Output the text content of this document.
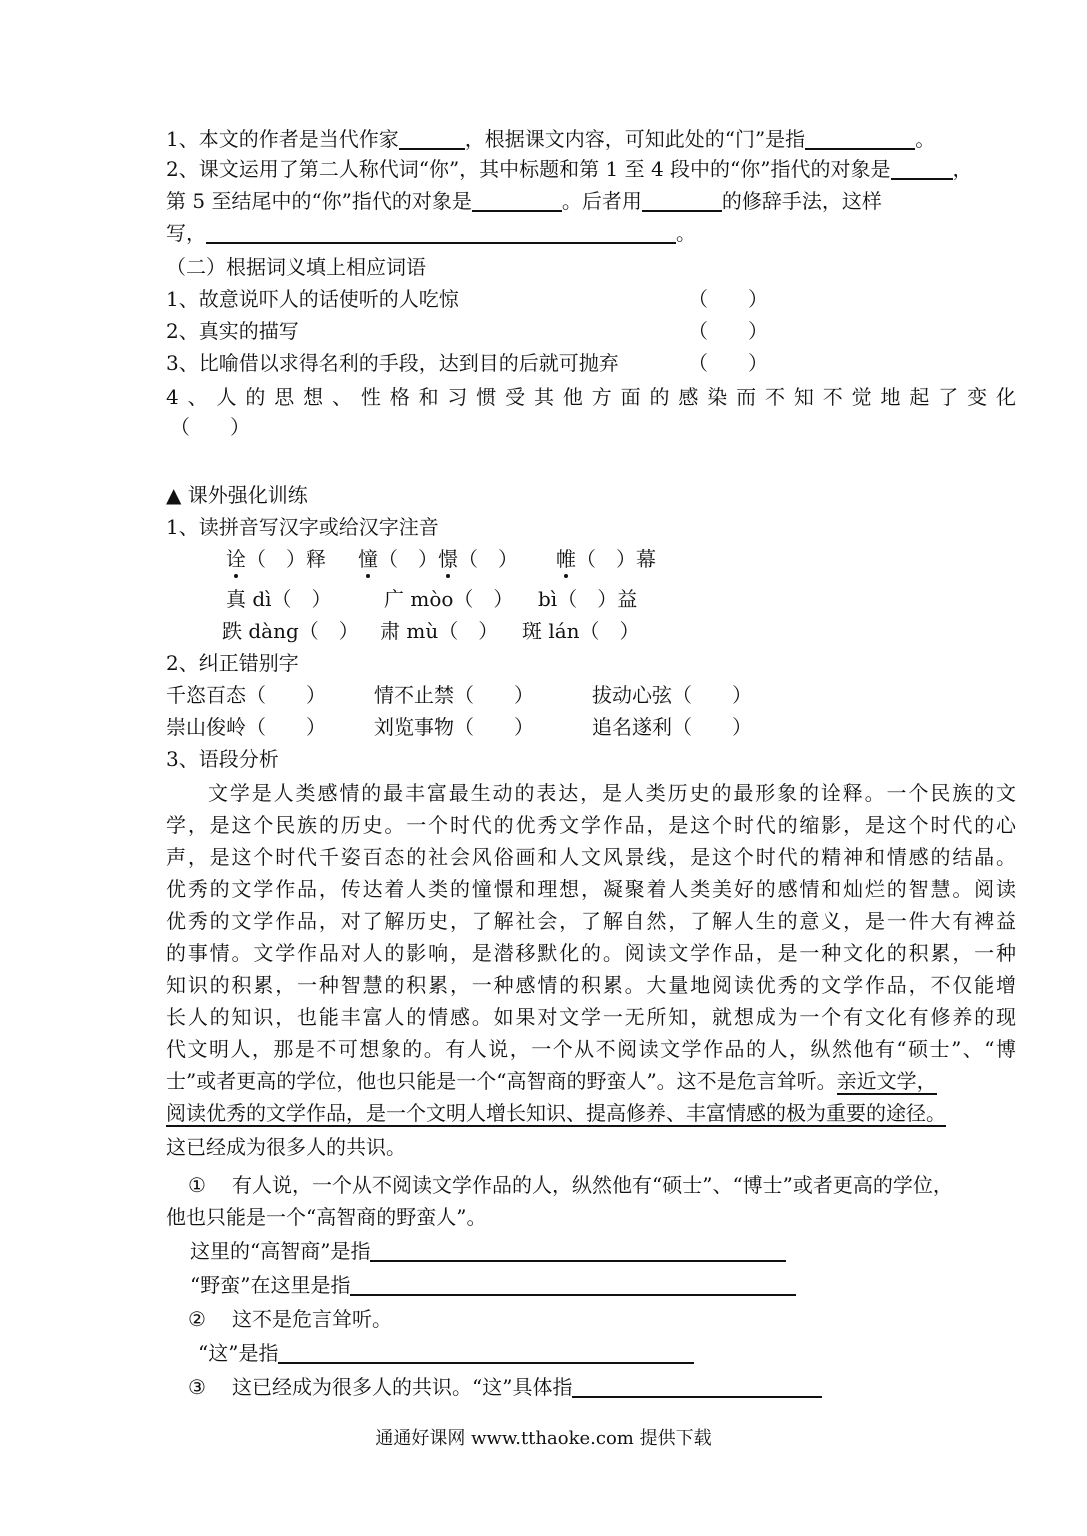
1、本文的作者是当代作家	，根据课文内容，可知此处的“门”是指	。
2、课文运用了第二人称代词“你”，其中标题和第 1 至 4 段中的“你”指代的对象是	，
第 5 至结尾中的“你”指代的对象是	。后者用	的修辞手法，这样
写，	。
（二）根据词义填上相应词语
1、故意说吓人的话使听的人吃惊	（　　）
2、真实的描写	（　　）
3、比喻借以求得名利的手段，达到目的后就可抛弃	（　　）
4、人的思想、性格和习惯受其他方面的感染而不知不觉地起了变化
（　　）
▲ 课外强化训练
1、读拼音写汉字或给汉字注音
诠（　）释 憧（　）憬（　） 帷（　）幕
真 dì（　）	广 mòo（　） bì（　）益
跌 dàng（　） 肃 mù（　） 斑 lán（　）
2、纠正错别字
千恣百态（　　） 情不止禁（　　）	拔动心弦（　　）
崇山俊岭（　　） 刘览事物（　　）	追名遂利（　　）
3、语段分析
文学是人类感情的最丰富最生动的表达，是人类历史的最形象的诠释。一个民族的文
学，是这个民族的历史。一个时代的优秀文学作品，是这个时代的缩影，是这个时代的心
声，是这个时代千姿百态的社会风俗画和人文风景线，是这个时代的精神和情感的结晶。
优秀的文学作品，传达着人类的憧憬和理想，凝聚着人类美好的感情和灿烂的智慧。阅读
优秀的文学作品，对了解历史，了解社会，了解自然，了解人生的意义，是一件大有裨益
的事情。文学作品对人的影响，是潜移默化的。阅读文学作品，是一种文化的积累，一种
知识的积累，一种智慧的积累，一种感情的积累。大量地阅读优秀的文学作品，不仅能增
长人的知识，也能丰富人的情感。如果对文学一无所知，就想成为一个有文化有修养的现
代文明人，那是不可想象的。有人说，一个从不阅读文学作品的人，纵然他有“硕士”、“博
士”或者更高的学位，他也只能是一个“高智商的野蛮人”。这不是危言耸听。亲近文学，
阅读优秀的文学作品，是一个文明人增长知识、提高修养、丰富情感的极为重要的途径。
这已经成为很多人的共识。
① 有人说，一个从不阅读文学作品的人，纵然他有“硕士”、“博士”或者更高的学位，
他也只能是一个“高智商的野蛮人”。
这里的“高智商”是指
“野蛮”在这里是指
② 这不是危言耸听。
“这”是指
③ 这已经成为很多人的共识。“这”具体指
通通好课网 www.tthaoke.com 提供下载
